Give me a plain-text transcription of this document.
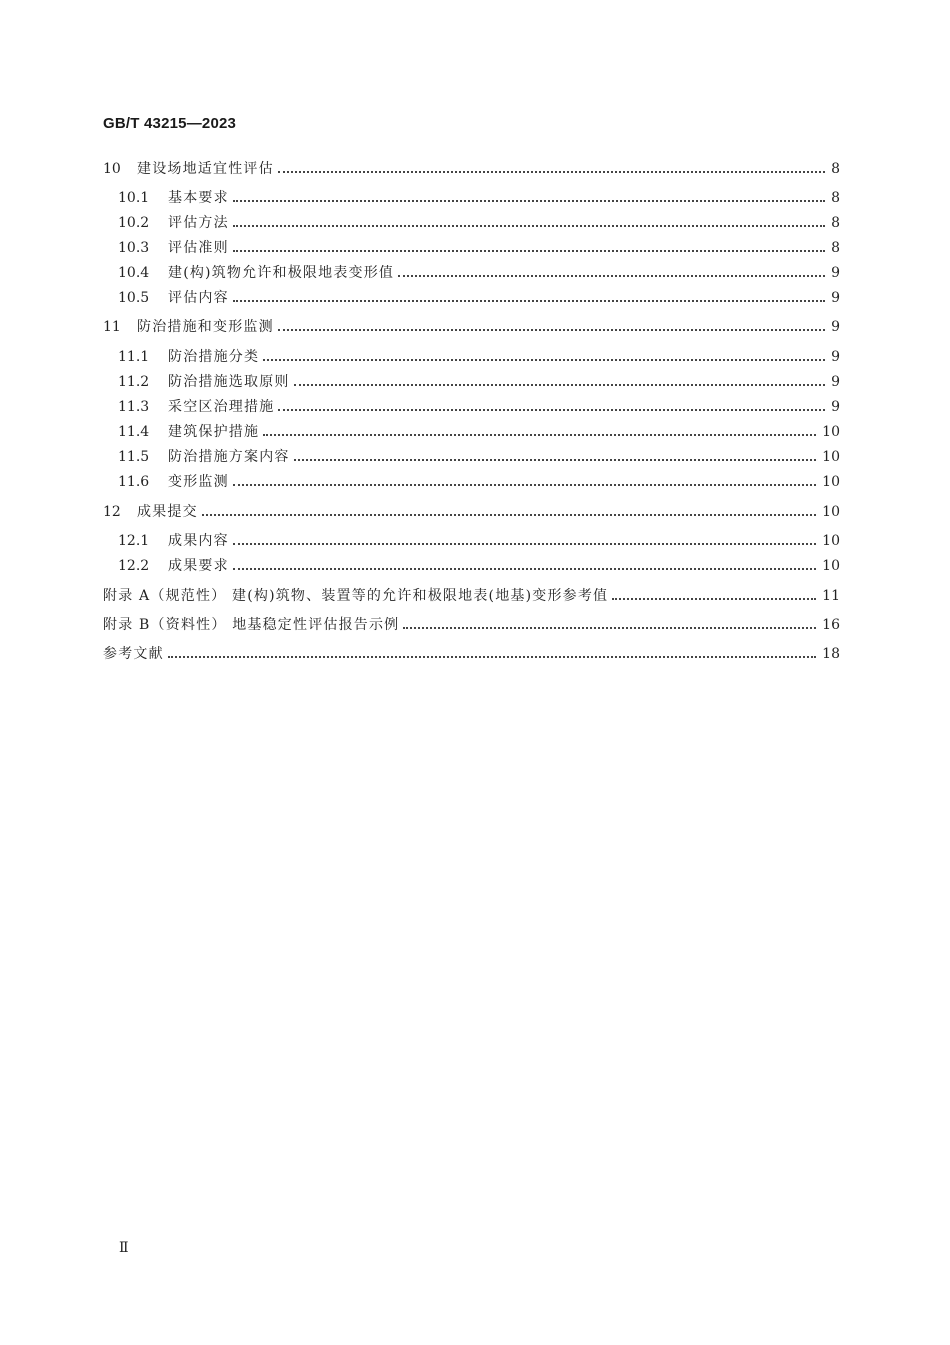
GB/T 43215—2023
10	建设场地适宜性评估	8
10.1	基本要求	8
10.2	评估方法	8
10.3	评估准则	8
10.4	建(构)筑物允许和极限地表变形值	9
10.5	评估内容	9
11	防治措施和变形监测	9
11.1	防治措施分类	9
11.2	防治措施选取原则	9
11.3	采空区治理措施	9
11.4	建筑保护措施	10
11.5	防治措施方案内容	10
11.6	变形监测	10
12	成果提交	10
12.1	成果内容	10
12.2	成果要求	10
附录 A（规范性） 建(构)筑物、装置等的允许和极限地表(地基)变形参考值	11
附录 B（资料性） 地基稳定性评估报告示例	16
参考文献	18
Ⅱ
